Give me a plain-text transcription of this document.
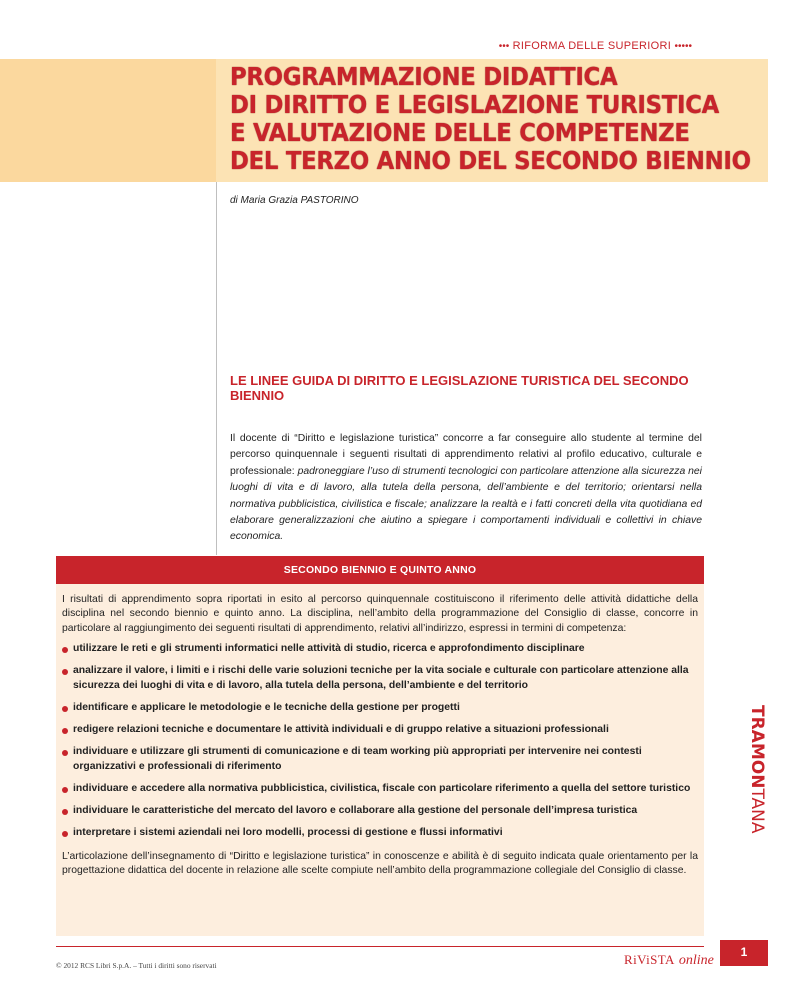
••• RIFORMA DELLE SUPERIORI •••••
PROGRAMMAZIONE DIDATTICA
DI DIRITTO E LEGISLAZIONE TURISTICA
E VALUTAZIONE DELLE COMPETENZE
DEL TERZO ANNO DEL SECONDO BIENNIO
di Maria Grazia PASTORINO
LE LINEE GUIDA DI DIRITTO E LEGISLAZIONE TURISTICA DEL SECONDO BIENNIO

Il docente di “Diritto e legislazione turistica” concorre a far conseguire allo studente al termine del percorso quinquennale i seguenti risultati di apprendimento relativi al profilo educativo, culturale e professionale: padroneggiare l’uso di strumenti tecnologici con particolare attenzione alla sicurezza nei luoghi di vita e di lavoro, alla tutela della persona, dell’ambiente e del territorio; orientarsi nella normativa pubblicistica, civilistica e fiscale; analizzare la realtà e i fatti concreti della vita quotidiana ed elaborare generalizzazioni che aiutino a spiegare i comportamenti individuali e collettivi in chiave economica.

SECONDO BIENNIO E QUINTO ANNO

I risultati di apprendimento sopra riportati in esito al percorso quinquennale costituiscono il riferimento delle attività didattiche della disciplina nel secondo biennio e quinto anno. La disciplina, nell’ambito della programmazione del Consiglio di classe, concorre in particolare al raggiungimento dei seguenti risultati di apprendimento, relativi all’indirizzo, espressi in termini di competenza:

utilizzare le reti e gli strumenti informatici nelle attività di studio, ricerca e approfondimento disciplinare
analizzare il valore, i limiti e i rischi delle varie soluzioni tecniche per la vita sociale e culturale con particolare attenzione alla sicurezza dei luoghi di vita e di lavoro, alla tutela della persona, dell’ambiente e del territorio
identificare e applicare le metodologie e le tecniche della gestione per progetti
redigere relazioni tecniche e documentare le attività individuali e di gruppo relative a situazioni professionali
individuare e utilizzare gli strumenti di comunicazione e di team working più appropriati per intervenire nei contesti organizzativi e professionali di riferimento
individuare e accedere alla normativa pubblicistica, civilistica, fiscale con particolare riferimento a quella del settore turistico
individuare le caratteristiche del mercato del lavoro e collaborare alla gestione del personale dell’impresa turistica
interpretare i sistemi aziendali nei loro modelli, processi di gestione e flussi informativi

L’articolazione dell’insegnamento di “Diritto e legislazione turistica” in conoscenze e abilità è di seguito indicata quale orientamento per la progettazione didattica del docente in relazione alle scelte compiute nell’ambito della programmazione collegiale del Consiglio di classe.

TRAMONTANA
© 2012 RCS Libri S.p.A. – Tutti i diritti sono riservati	RiViSTA online
1
